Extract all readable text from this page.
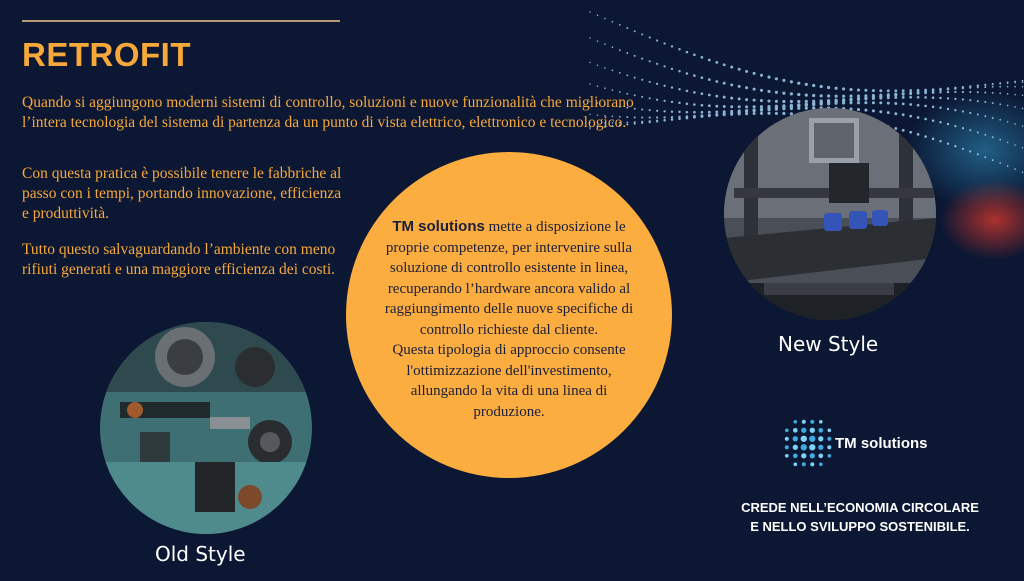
RETROFIT

Quando si aggiungono moderni sistemi di controllo, soluzioni e nuove funzionalità che migliorano l’intera tecnologia del sistema di partenza da un punto di vista elettrico, elettronico e tecnologico.

Con questa pratica è possibile tenere le fabbriche al passo con i tempi, portando innovazione, efficienza e produttività.

Tutto questo salvaguardando l’ambiente con meno rifiuti generati e una maggiore efficienza dei costi.

TM solutions mette a disposizione le proprie competenze, per intervenire sulla soluzione di controllo esistente in linea, recuperando l’hardware ancora valido al raggiungimento delle nuove specifiche di controllo richieste dal cliente.
Questa tipologia di approccio consente l'ottimizzazione dell'investimento, allungando la vita di una linea di produzione.

New Style

Old Style

TM solutions

CREDE NELL’ECONOMIA CIRCOLARE E NELLO SVILUPPO SOSTENIBILE.
